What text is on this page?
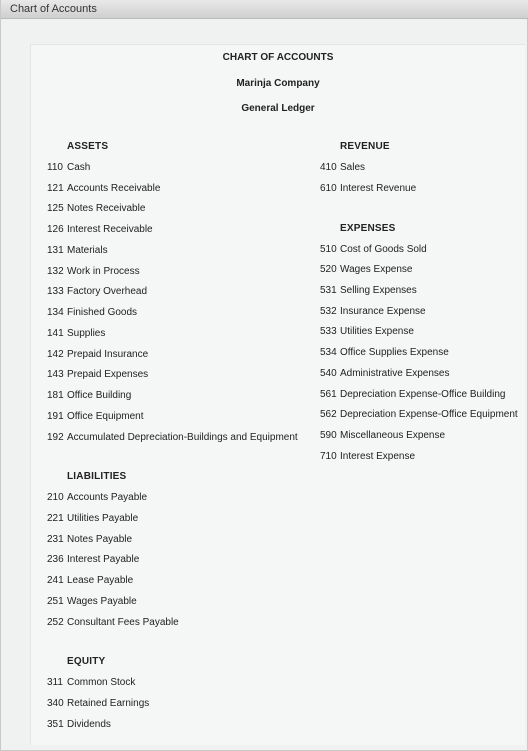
Chart of Accounts
CHART OF ACCOUNTS
Marinja Company
General Ledger
ASSETS
110 Cash
121 Accounts Receivable
125 Notes Receivable
126 Interest Receivable
131 Materials
132 Work in Process
133 Factory Overhead
134 Finished Goods
141 Supplies
142 Prepaid Insurance
143 Prepaid Expenses
181 Office Building
191 Office Equipment
192 Accumulated Depreciation-Buildings and Equipment
LIABILITIES
210 Accounts Payable
221 Utilities Payable
231 Notes Payable
236 Interest Payable
241 Lease Payable
251 Wages Payable
252 Consultant Fees Payable
EQUITY
311 Common Stock
340 Retained Earnings
351 Dividends
REVENUE
410 Sales
610 Interest Revenue
EXPENSES
510 Cost of Goods Sold
520 Wages Expense
531 Selling Expenses
532 Insurance Expense
533 Utilities Expense
534 Office Supplies Expense
540 Administrative Expenses
561 Depreciation Expense-Office Building
562 Depreciation Expense-Office Equipment
590 Miscellaneous Expense
710 Interest Expense
